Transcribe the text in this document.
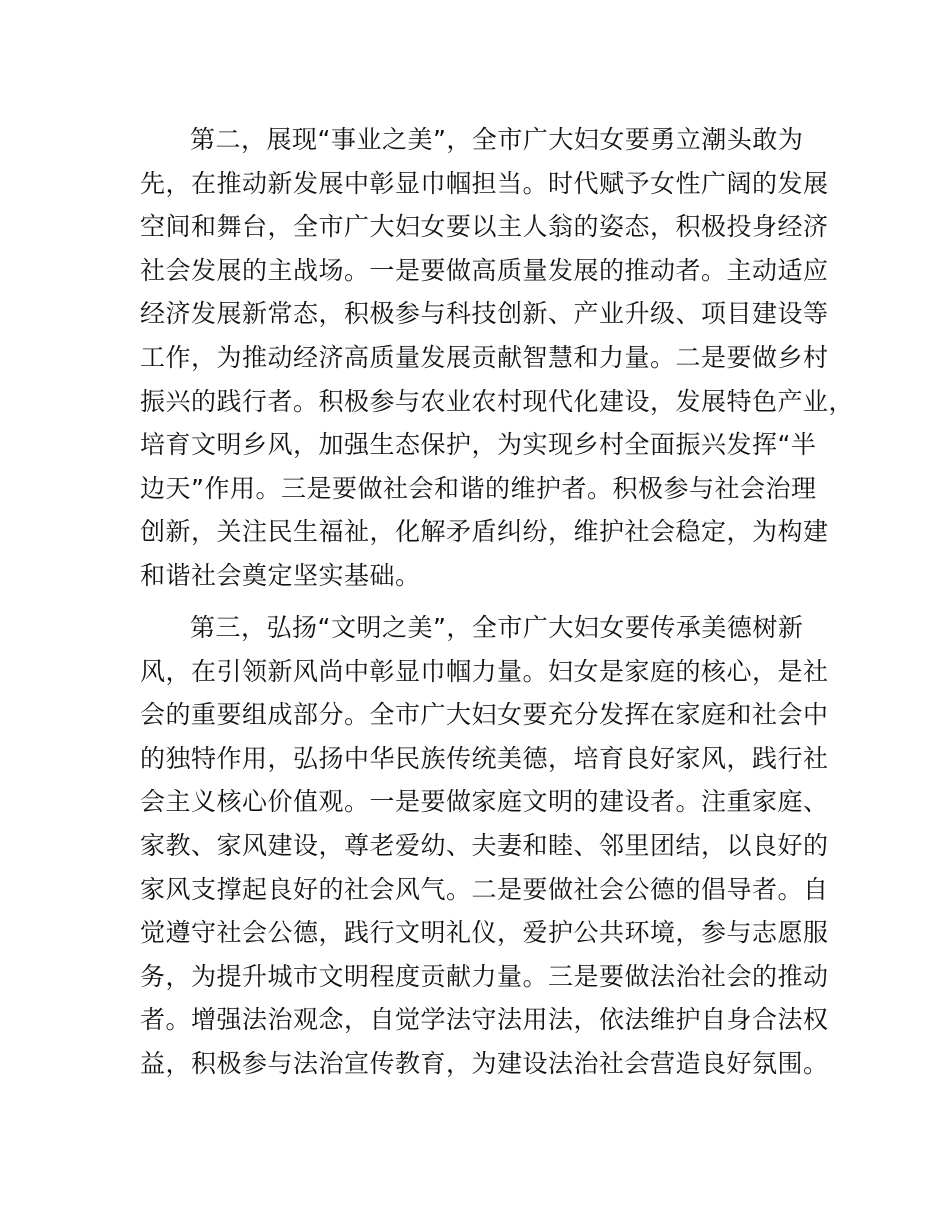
第二，展现“事业之美”，全市广大妇女要勇立潮头敢为
先，在推动新发展中彰显巾帼担当。时代赋予女性广阔的发展
空间和舞台，全市广大妇女要以主人翁的姿态，积极投身经济
社会发展的主战场。一是要做高质量发展的推动者。主动适应
经济发展新常态，积极参与科技创新、产业升级、项目建设等
工作，为推动经济高质量发展贡献智慧和力量。二是要做乡村
振兴的践行者。积极参与农业农村现代化建设，发展特色产业，
培育文明乡风，加强生态保护，为实现乡村全面振兴发挥“半
边天”作用。三是要做社会和谐的维护者。积极参与社会治理
创新，关注民生福祉，化解矛盾纠纷，维护社会稳定，为构建
和谐社会奠定坚实基础。
第三，弘扬“文明之美”，全市广大妇女要传承美德树新
风，在引领新风尚中彰显巾帼力量。妇女是家庭的核心，是社
会的重要组成部分。全市广大妇女要充分发挥在家庭和社会中
的独特作用，弘扬中华民族传统美德，培育良好家风，践行社
会主义核心价值观。一是要做家庭文明的建设者。注重家庭、
家教、家风建设，尊老爱幼、夫妻和睦、邻里团结，以良好的
家风支撑起良好的社会风气。二是要做社会公德的倡导者。自
觉遵守社会公德，践行文明礼仪，爱护公共环境，参与志愿服
务，为提升城市文明程度贡献力量。三是要做法治社会的推动
者。增强法治观念，自觉学法守法用法，依法维护自身合法权
益，积极参与法治宣传教育，为建设法治社会营造良好氛围。
